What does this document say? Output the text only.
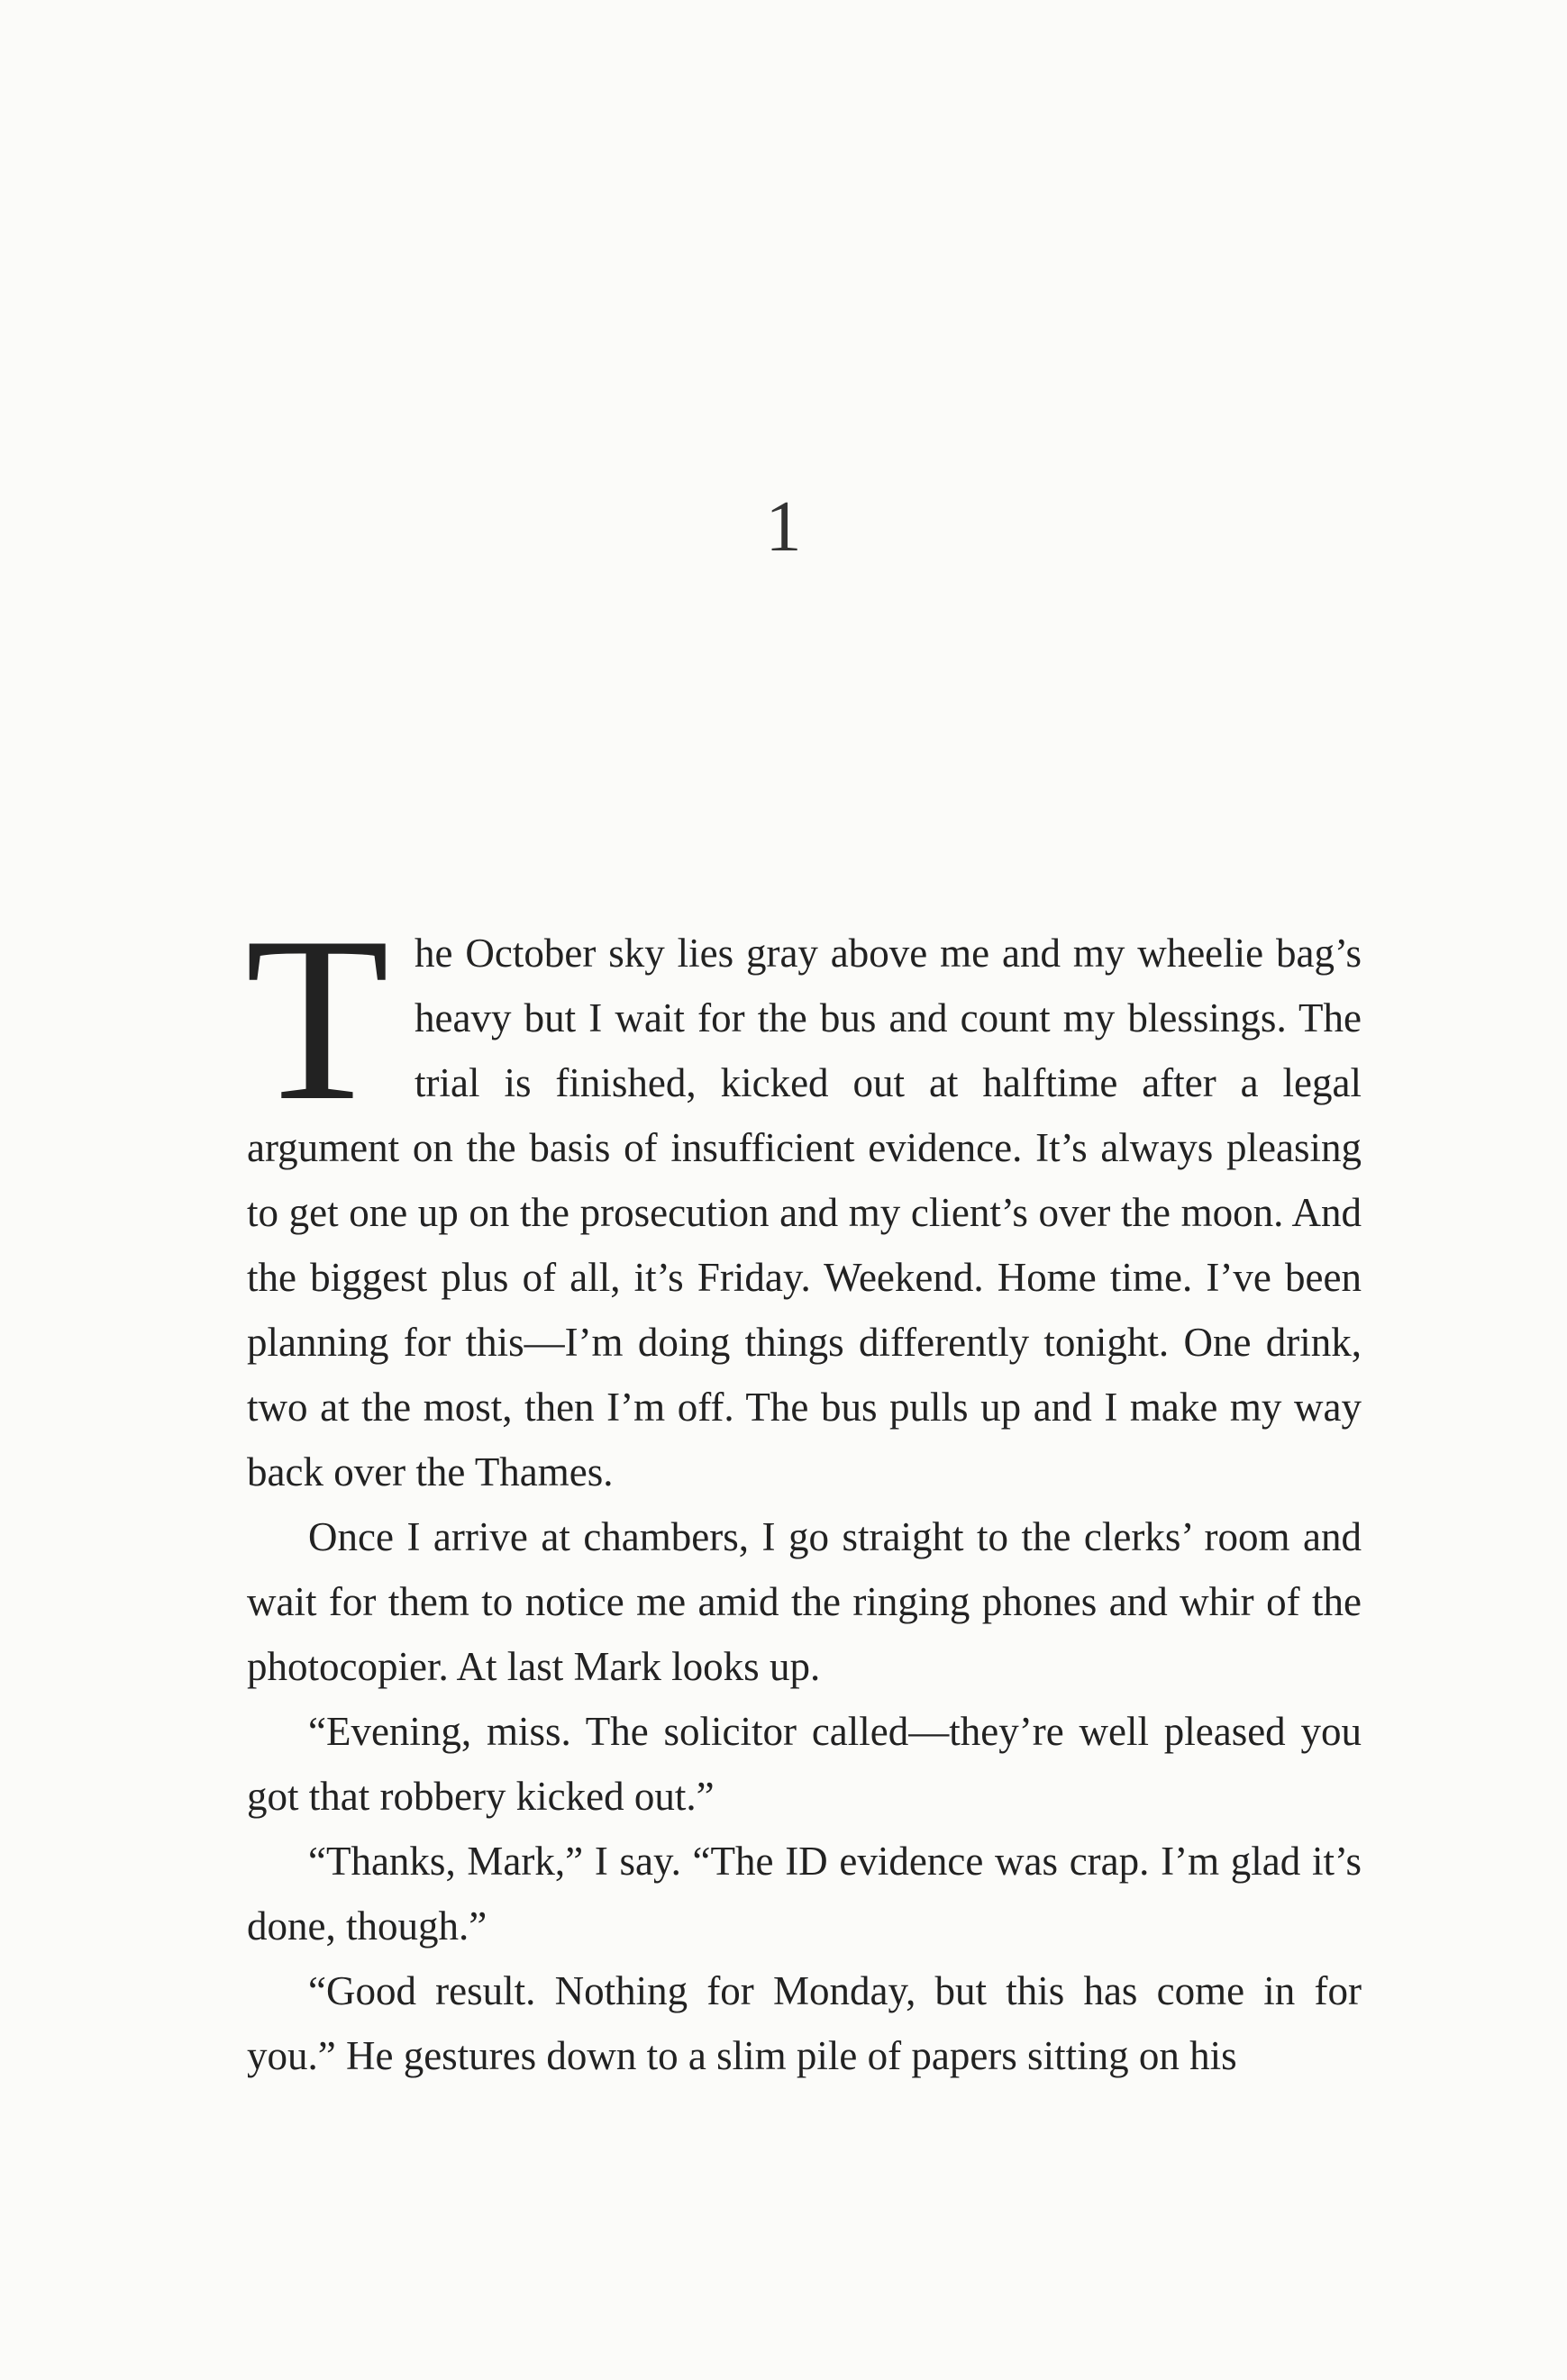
1

The October sky lies gray above me and my wheelie bag’s heavy but I wait for the bus and count my blessings. The trial is finished, kicked out at halftime after a legal argument on the basis of insufficient evidence. It’s always pleasing to get one up on the prosecution and my client’s over the moon. And the biggest plus of all, it’s Friday. Weekend. Home time. I’ve been planning for this—I’m doing things differently tonight. One drink, two at the most, then I’m off. The bus pulls up and I make my way back over the Thames.

Once I arrive at chambers, I go straight to the clerks’ room and wait for them to notice me amid the ringing phones and whir of the photocopier. At last Mark looks up.

“Evening, miss. The solicitor called—they’re well pleased you got that robbery kicked out.”

“Thanks, Mark,” I say. “The ID evidence was crap. I’m glad it’s done, though.”

“Good result. Nothing for Monday, but this has come in for you.” He gestures down to a slim pile of papers sitting on his
